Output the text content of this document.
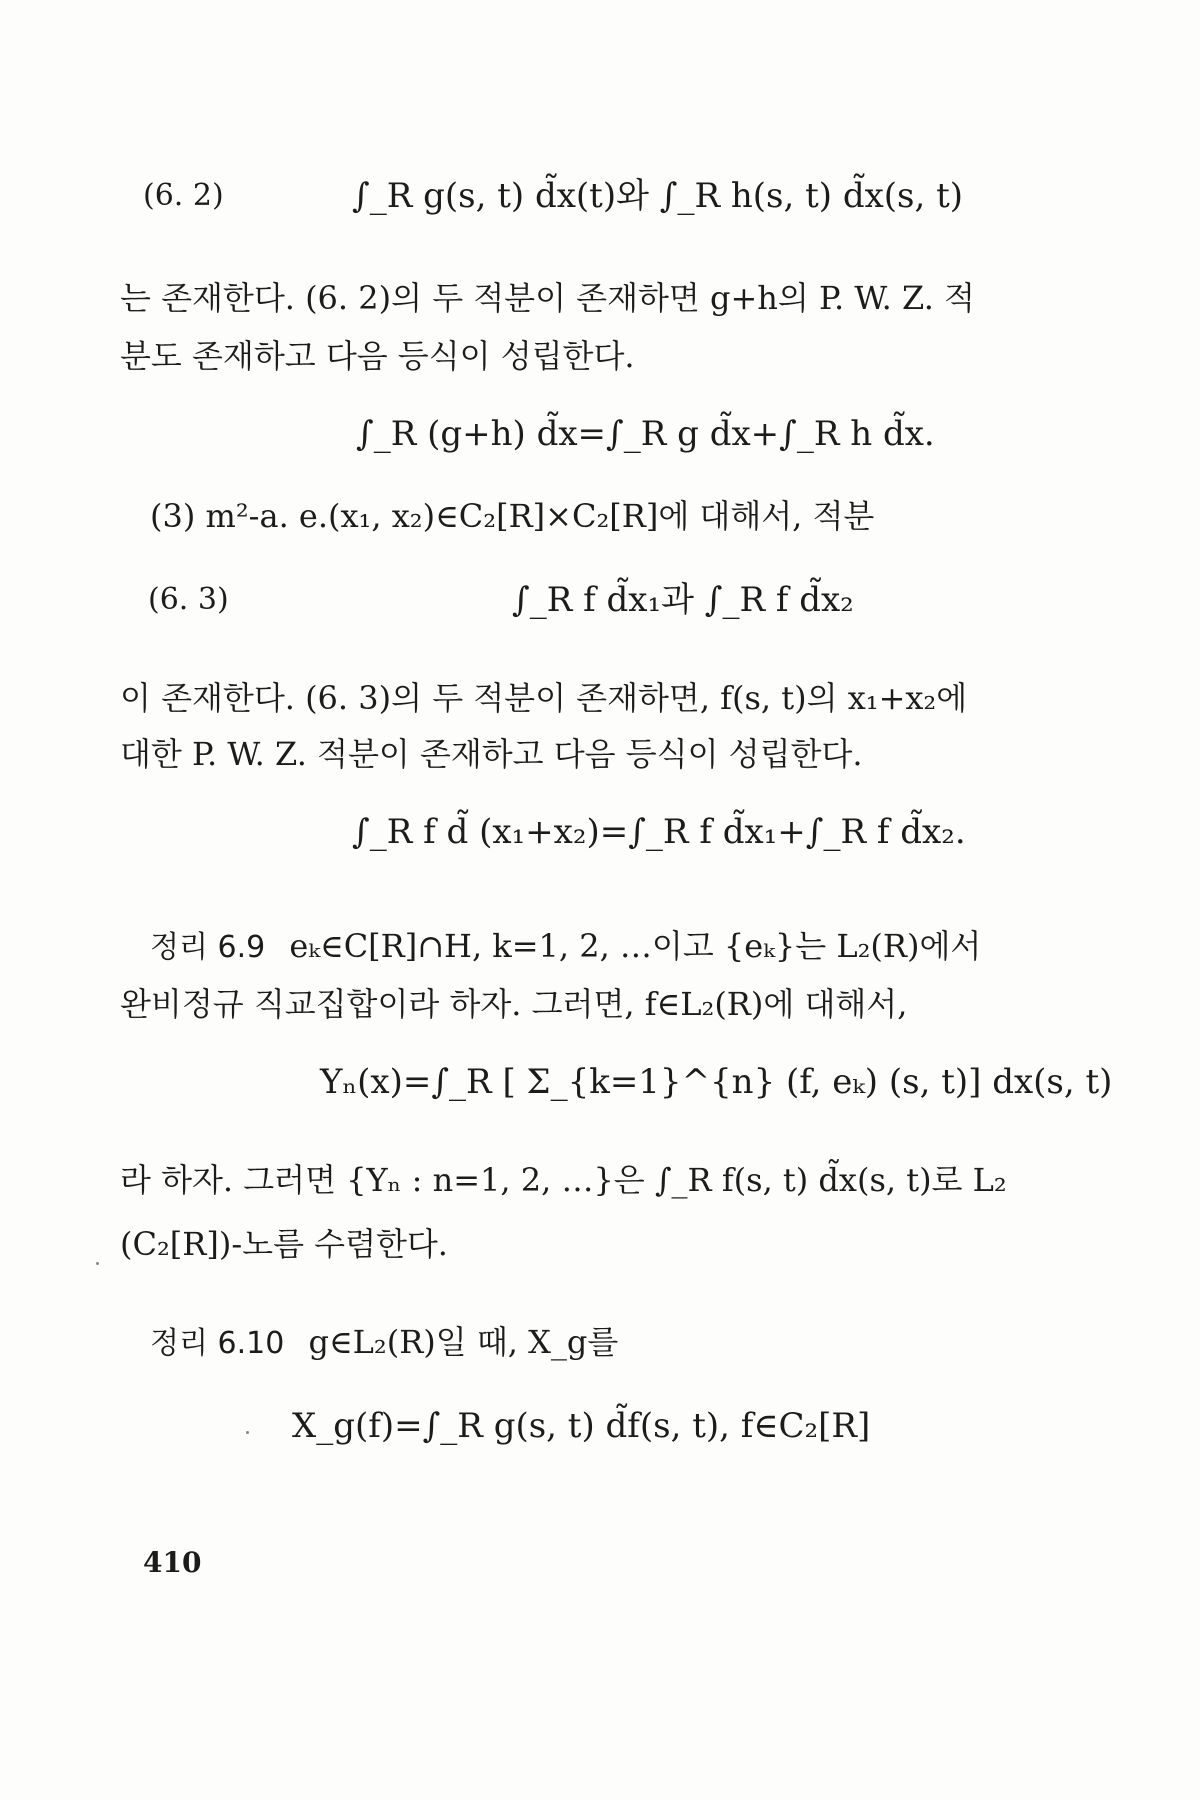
(6. 2)	∫_R g(s, t) d̃x(t)와 ∫_R h(s, t) d̃x(s, t)
는 존재한다. (6. 2)의 두 적분이 존재하면 g+h의 P. W. Z. 적
분도 존재하고 다음 등식이 성립한다.
∫_R (g+h) d̃x=∫_R g d̃x+∫_R h d̃x.
(3) m²-a. e.(x₁, x₂)∈C₂[R]×C₂[R]에 대해서, 적분
(6. 3)	∫_R f d̃x₁과 ∫_R f d̃x₂
이 존재한다. (6. 3)의 두 적분이 존재하면, f(s, t)의 x₁+x₂에
대한 P. W. Z. 적분이 존재하고 다음 등식이 성립한다.
∫_R f d̃ (x₁+x₂)=∫_R f d̃x₁+∫_R f d̃x₂.
정리 6.9 eₖ∈C[R]∩H, k=1, 2, …이고 {eₖ}는 L₂(R)에서
완비정규 직교집합이라 하자. 그러면, f∈L₂(R)에 대해서,
Yₙ(x)=∫_R [ Σ_{k=1}^{n} (f, eₖ) (s, t)] dx(s, t)
라 하자. 그러면 {Yₙ : n=1, 2, …}은 ∫_R f(s, t) d̃x(s, t)로 L₂
(C₂[R])-노름 수렴한다.
정리 6.10 g∈L₂(R)일 때, X_g를
X_g(f)=∫_R g(s, t) d̃f(s, t), f∈C₂[R]
410
